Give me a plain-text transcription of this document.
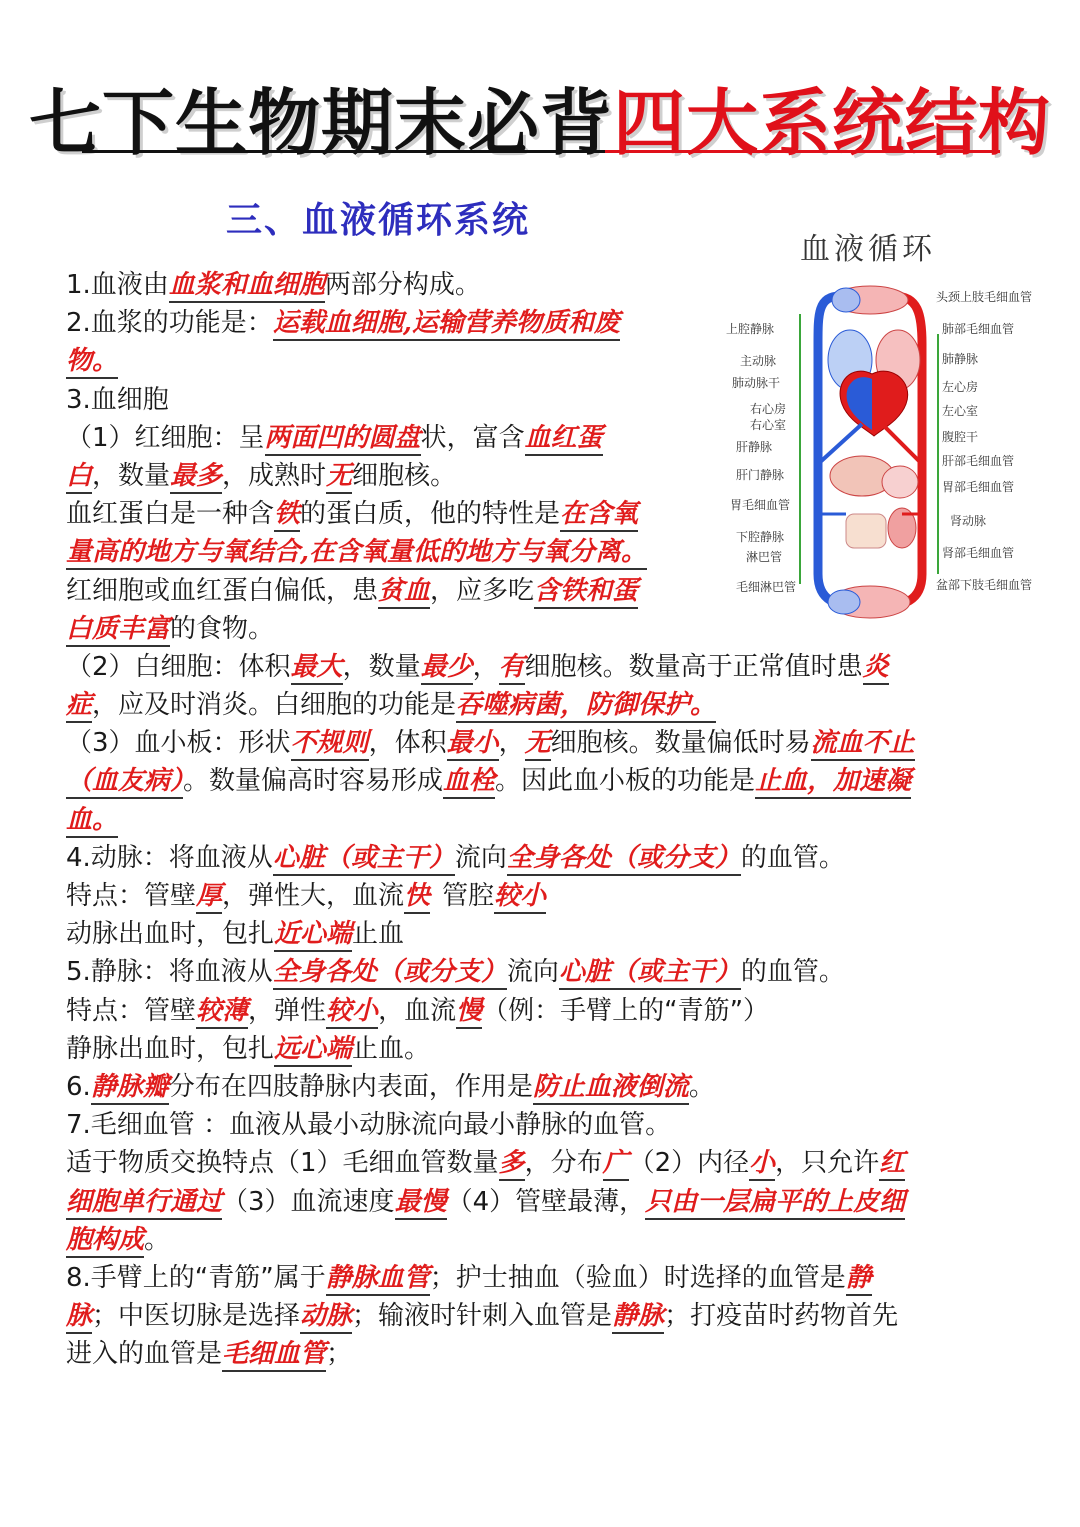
七下生物期末必背四大系统结构
三、血液循环系统
血液循环
上腔静脉
主动脉
肺动脉干
右心房
右心室
肝静脉
肝门静脉
胃毛细血管
下腔静脉
淋巴管
毛细淋巴管
头颈上肢毛细血管
肺部毛细血管
肺静脉
左心房
左心室
腹腔干
肝部毛细血管
胃部毛细血管
肾动脉
肾部毛细血管
盆部下肢毛细血管
1.血液由血浆和血细胞两部分构成。
2.血浆的功能是：运载血细胞,运输营养物质和废
物。
3.血细胞
（1）红细胞：呈两面凹的圆盘状，富含血红蛋
白，数量最多，成熟时无细胞核。
血红蛋白是一种含铁的蛋白质，他的特性是在含氧
量高的地方与氧结合,在含氧量低的地方与氧分离。
红细胞或血红蛋白偏低，患贫血，应多吃含铁和蛋
白质丰富的食物。
（2）白细胞：体积最大，数量最少，有细胞核。数量高于正常值时患炎
症，应及时消炎。白细胞的功能是吞噬病菌，防御保护。
（3）血小板：形状不规则，体积最小，无细胞核。数量偏低时易流血不止
（血友病）。数量偏高时容易形成血栓。因此血小板的功能是止血，加速凝
血。
4.动脉：将血液从心脏（或主干）流向全身各处（或分支）的血管。
特点：管壁厚，弹性大，血流快 管腔较小
动脉出血时，包扎近心端止血
5.静脉：将血液从全身各处（或分支）流向心脏（或主干）的血管。
特点：管壁较薄，弹性较小，血流慢（例：手臂上的“青筋”）
静脉出血时，包扎远心端止血。
6.静脉瓣分布在四肢静脉内表面，作用是防止血液倒流。
7.毛细血管 ：血液从最小动脉流向最小静脉的血管。
适于物质交换特点（1）毛细血管数量多，分布广（2）内径小，只允许红
细胞单行通过（3）血流速度最慢（4）管壁最薄，只由一层扁平的上皮细
胞构成。
8.手臂上的“青筋”属于静脉血管；护士抽血（验血）时选择的血管是静
脉；中医切脉是选择动脉；输液时针刺入血管是静脉；打疫苗时药物首先
进入的血管是毛细血管；
